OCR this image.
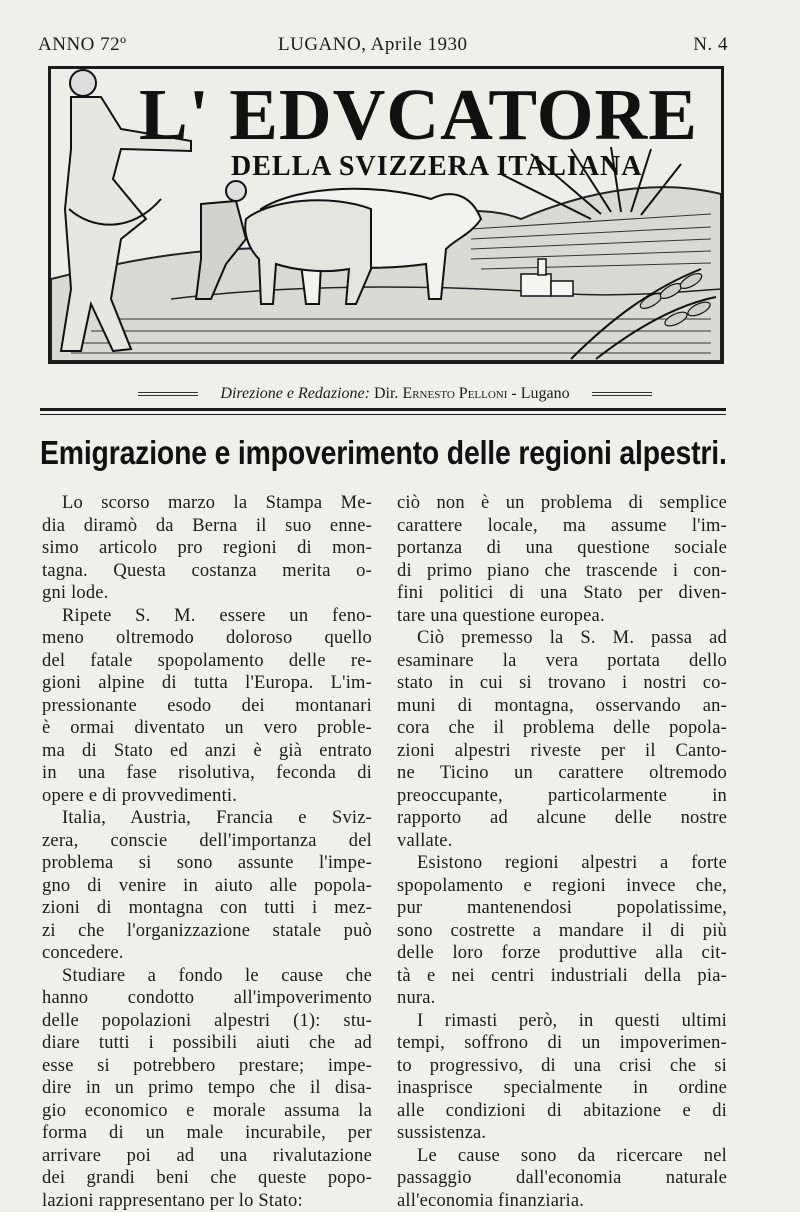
ANNO 72º	LUGANO, Aprile 1930	N. 4
L' EDVCATORE
DELLA SVIZZERA ITALIANA
Direzione e Redazione: Dir. Ernesto Pelloni - Lugano
Emigrazione e impoverimento delle regioni alpestri.
Lo scorso marzo la Stampa Me-
dia diramò da Berna il suo enne-
simo articolo pro regioni di mon-
tagna. Questa costanza merita o-
gni lode.
Ripete S. M. essere un feno-
meno oltremodo doloroso quello
del fatale spopolamento delle re-
gioni alpine di tutta l'Europa. L'im-
pressionante esodo dei montanari
è ormai diventato un vero proble-
ma di Stato ed anzi è già entrato
in una fase risolutiva, feconda di
opere e di provvedimenti.
Italia, Austria, Francia e Sviz-
zera, conscie dell'importanza del
problema si sono assunte l'impe-
gno di venire in aiuto alle popola-
zioni di montagna con tutti i mez-
zi che l'organizzazione statale può
concedere.
Studiare a fondo le cause che
hanno condotto all'impoverimento
delle popolazioni alpestri (1): stu-
diare tutti i possibili aiuti che ad
esse si potrebbero prestare; impe-
dire in un primo tempo che il disa-
gio economico e morale assuma la
forma di un male incurabile, per
arrivare poi ad una rivalutazione
dei grandi beni che queste popo-
lazioni rappresentano per lo Stato:
ciò non è un problema di semplice
carattere locale, ma assume l'im-
portanza di una questione sociale
di primo piano che trascende i con-
fini politici di una Stato per diven-
tare una questione europea.
Ciò premesso la S. M. passa ad
esaminare la vera portata dello
stato in cui si trovano i nostri co-
muni di montagna, osservando an-
cora che il problema delle popola-
zioni alpestri riveste per il Canto-
ne Ticino un carattere oltremodo
preoccupante, particolarmente in
rapporto ad alcune delle nostre
vallate.
Esistono regioni alpestri a forte
spopolamento e regioni invece che,
pur mantenendosi popolatissime,
sono costrette a mandare il di più
delle loro forze produttive alla cit-
tà e nei centri industriali della pia-
nura.
I rimasti però, in questi ultimi
tempi, soffrono di un impoverimen-
to progressivo, di una crisi che si
inasprisce specialmente in ordine
alle condizioni di abitazione e di
sussistenza.
Le cause sono da ricercare nel
passaggio dall'economia naturale
all'economia finanziaria.
